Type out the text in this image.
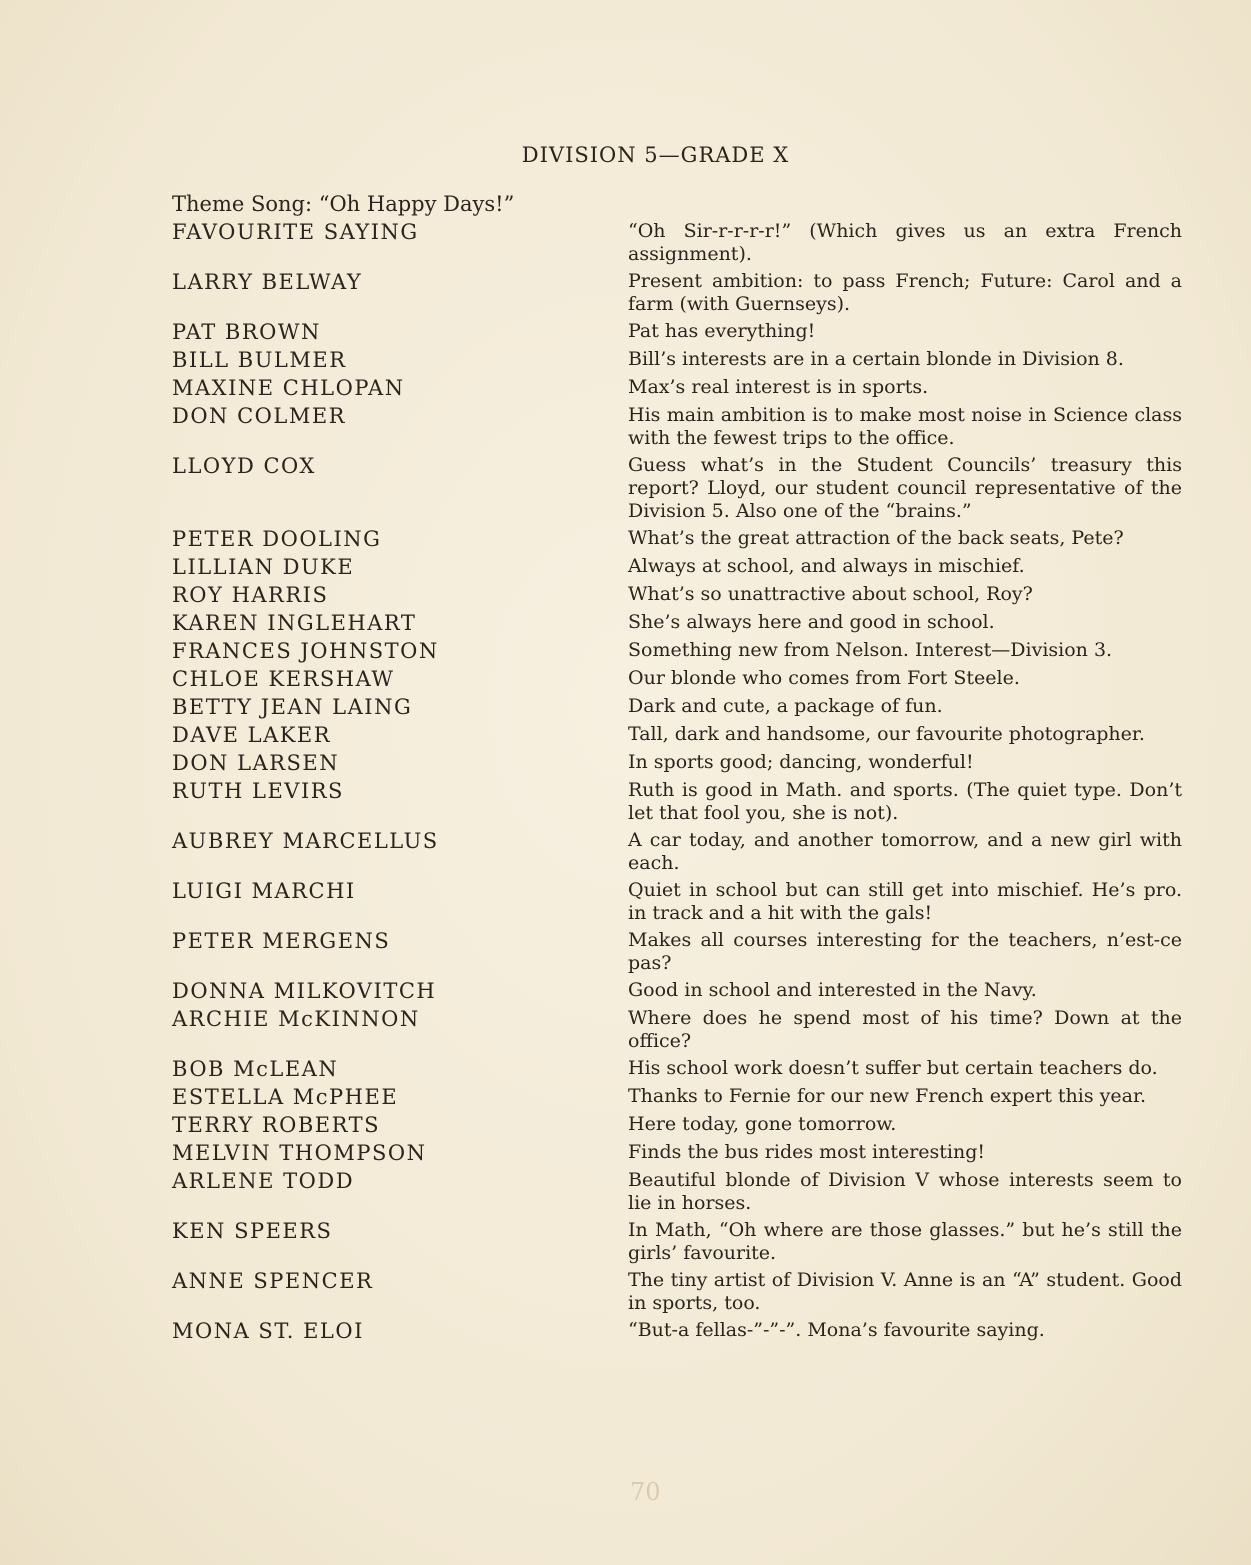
DIVISION 5—GRADE X
Theme Song: “Oh Happy Days!”
FAVOURITE SAYING	“Oh Sir-r-r-r-r!” (Which gives us an extra French assignment).
LARRY BELWAY	Present ambition: to pass French; Future: Carol and a farm (with Guernseys).
PAT BROWN	Pat has everything!
BILL BULMER	Bill’s interests are in a certain blonde in Division 8.
MAXINE CHLOPAN	Max’s real interest is in sports.
DON COLMER	His main ambition is to make most noise in Science class with the fewest trips to the office.
LLOYD COX	Guess what’s in the Student Councils’ treasury this report? Lloyd, our student council representative of the Division 5. Also one of the “brains.”
PETER DOOLING	What’s the great attraction of the back seats, Pete?
LILLIAN DUKE	Always at school, and always in mischief.
ROY HARRIS	What’s so unattractive about school, Roy?
KAREN INGLEHART	She’s always here and good in school.
FRANCES JOHNSTON	Something new from Nelson. Interest—Division 3.
CHLOE KERSHAW	Our blonde who comes from Fort Steele.
BETTY JEAN LAING	Dark and cute, a package of fun.
DAVE LAKER	Tall, dark and handsome, our favourite photographer.
DON LARSEN	In sports good; dancing, wonderful!
RUTH LEVIRS	Ruth is good in Math. and sports. (The quiet type. Don’t let that fool you, she is not).
AUBREY MARCELLUS	A car today, and another tomorrow, and a new girl with each.
LUIGI MARCHI	Quiet in school but can still get into mischief. He’s pro. in track and a hit with the gals!
PETER MERGENS	Makes all courses interesting for the teachers, n’est-ce pas?
DONNA MILKOVITCH	Good in school and interested in the Navy.
ARCHIE McKINNON	Where does he spend most of his time? Down at the office?
BOB McLEAN	His school work doesn’t suffer but certain teachers do.
ESTELLA McPHEE	Thanks to Fernie for our new French expert this year.
TERRY ROBERTS	Here today, gone tomorrow.
MELVIN THOMPSON	Finds the bus rides most interesting!
ARLENE TODD	Beautiful blonde of Division V whose interests seem to lie in horses.
KEN SPEERS	In Math, “Oh where are those glasses.” but he’s still the girls’ favourite.
ANNE SPENCER	The tiny artist of Division V. Anne is an “A” student. Good in sports, too.
MONA ST. ELOI	“But-a fellas-”-”-”. Mona’s favourite saying.
70
